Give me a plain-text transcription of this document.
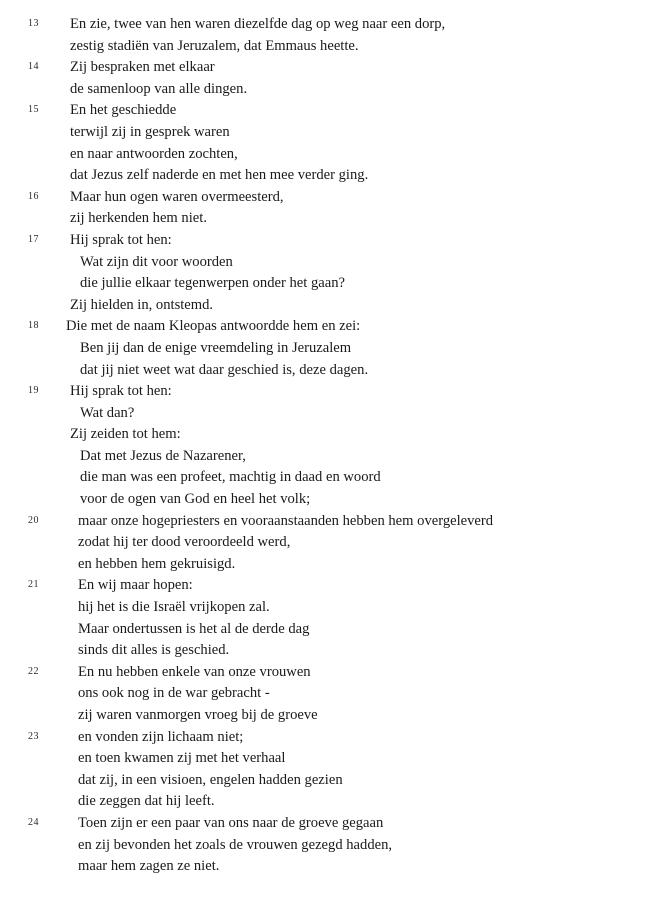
13	En zie, twee van hen waren diezelfde dag op weg naar een dorp,
zestig stadiën van Jeruzalem, dat Emmaus heette.
14	Zij bespraken met elkaar
de samenloop van alle dingen.
15	En het geschiedde
terwijl zij in gesprek waren
en naar antwoorden zochten,
dat Jezus zelf naderde en met hen mee verder ging.
16	Maar hun ogen waren overmeesterd,
zij herkenden hem niet.
17	Hij sprak tot hen:
Wat zijn dit voor woorden
die jullie elkaar tegenwerpen onder het gaan?
Zij hielden in, ontstemd.
18	Die met de naam Kleopas antwoordde hem en zei:
Ben jij dan de enige vreemdeling in Jeruzalem
dat jij niet weet wat daar geschied is, deze dagen.
19	Hij sprak tot hen:
Wat dan?
Zij zeiden tot hem:
Dat met Jezus de Nazarener,
die man was een profeet, machtig in daad en woord
voor de ogen van God en heel het volk;
20	maar onze hogepriesters en vooraanstaanden hebben hem overgeleverd
zodat hij ter dood veroordeeld werd,
en hebben hem gekruisigd.
21	En wij maar hopen:
hij het is die Israël vrijkopen zal.
Maar ondertussen is het al de derde dag
sinds dit alles is geschied.
22	En nu hebben enkele van onze vrouwen
ons ook nog in de war gebracht -
zij waren vanmorgen vroeg bij de groeve
23	en vonden zijn lichaam niet;
en toen kwamen zij met het verhaal
dat zij, in een visioen, engelen hadden gezien
die zeggen dat hij leeft.
24	Toen zijn er een paar van ons naar de groeve gegaan
en zij bevonden het zoals de vrouwen gezegd hadden,
maar hem zagen ze niet.
